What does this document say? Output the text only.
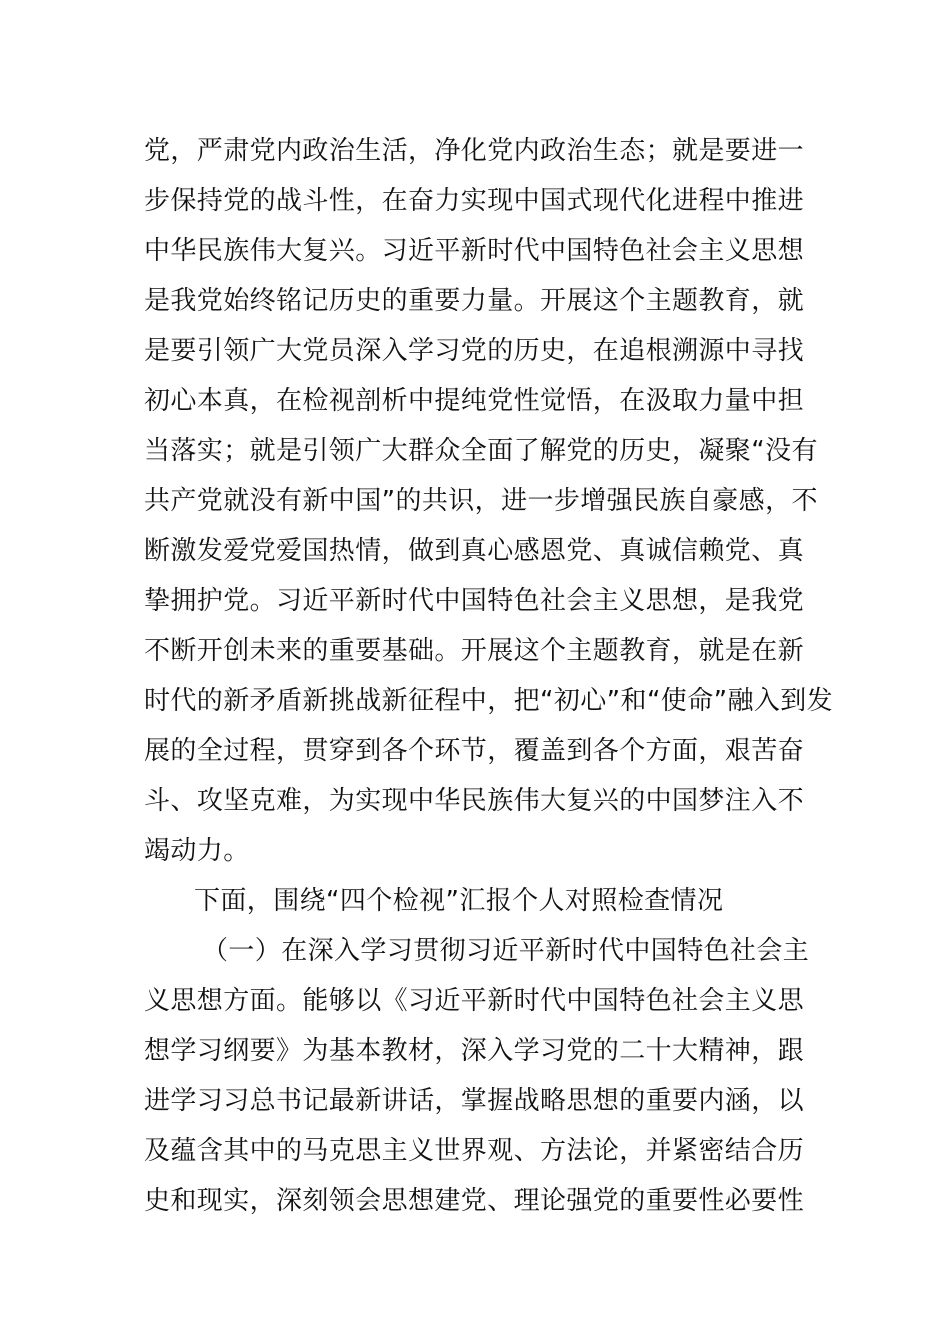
党，严肃党内政治生活，净化党内政治生态；就是要进一
步保持党的战斗性，在奋力实现中国式现代化进程中推进
中华民族伟大复兴。习近平新时代中国特色社会主义思想
是我党始终铭记历史的重要力量。开展这个主题教育，就
是要引领广大党员深入学习党的历史，在追根溯源中寻找
初心本真，在检视剖析中提纯党性觉悟，在汲取力量中担
当落实；就是引领广大群众全面了解党的历史，凝聚“没有
共产党就没有新中国”的共识，进一步增强民族自豪感，不
断激发爱党爱国热情，做到真心感恩党、真诚信赖党、真
挚拥护党。习近平新时代中国特色社会主义思想，是我党
不断开创未来的重要基础。开展这个主题教育，就是在新
时代的新矛盾新挑战新征程中，把“初心”和“使命”融入到发
展的全过程，贯穿到各个环节，覆盖到各个方面，艰苦奋
斗、攻坚克难，为实现中华民族伟大复兴的中国梦注入不
竭动力。
下面，围绕“四个检视”汇报个人对照检查情况
（一）在深入学习贯彻习近平新时代中国特色社会主
义思想方面。能够以《习近平新时代中国特色社会主义思
想学习纲要》为基本教材，深入学习党的二十大精神，跟
进学习习总书记最新讲话，掌握战略思想的重要内涵，以
及蕴含其中的马克思主义世界观、方法论，并紧密结合历
史和现实，深刻领会思想建党、理论强党的重要性必要性
